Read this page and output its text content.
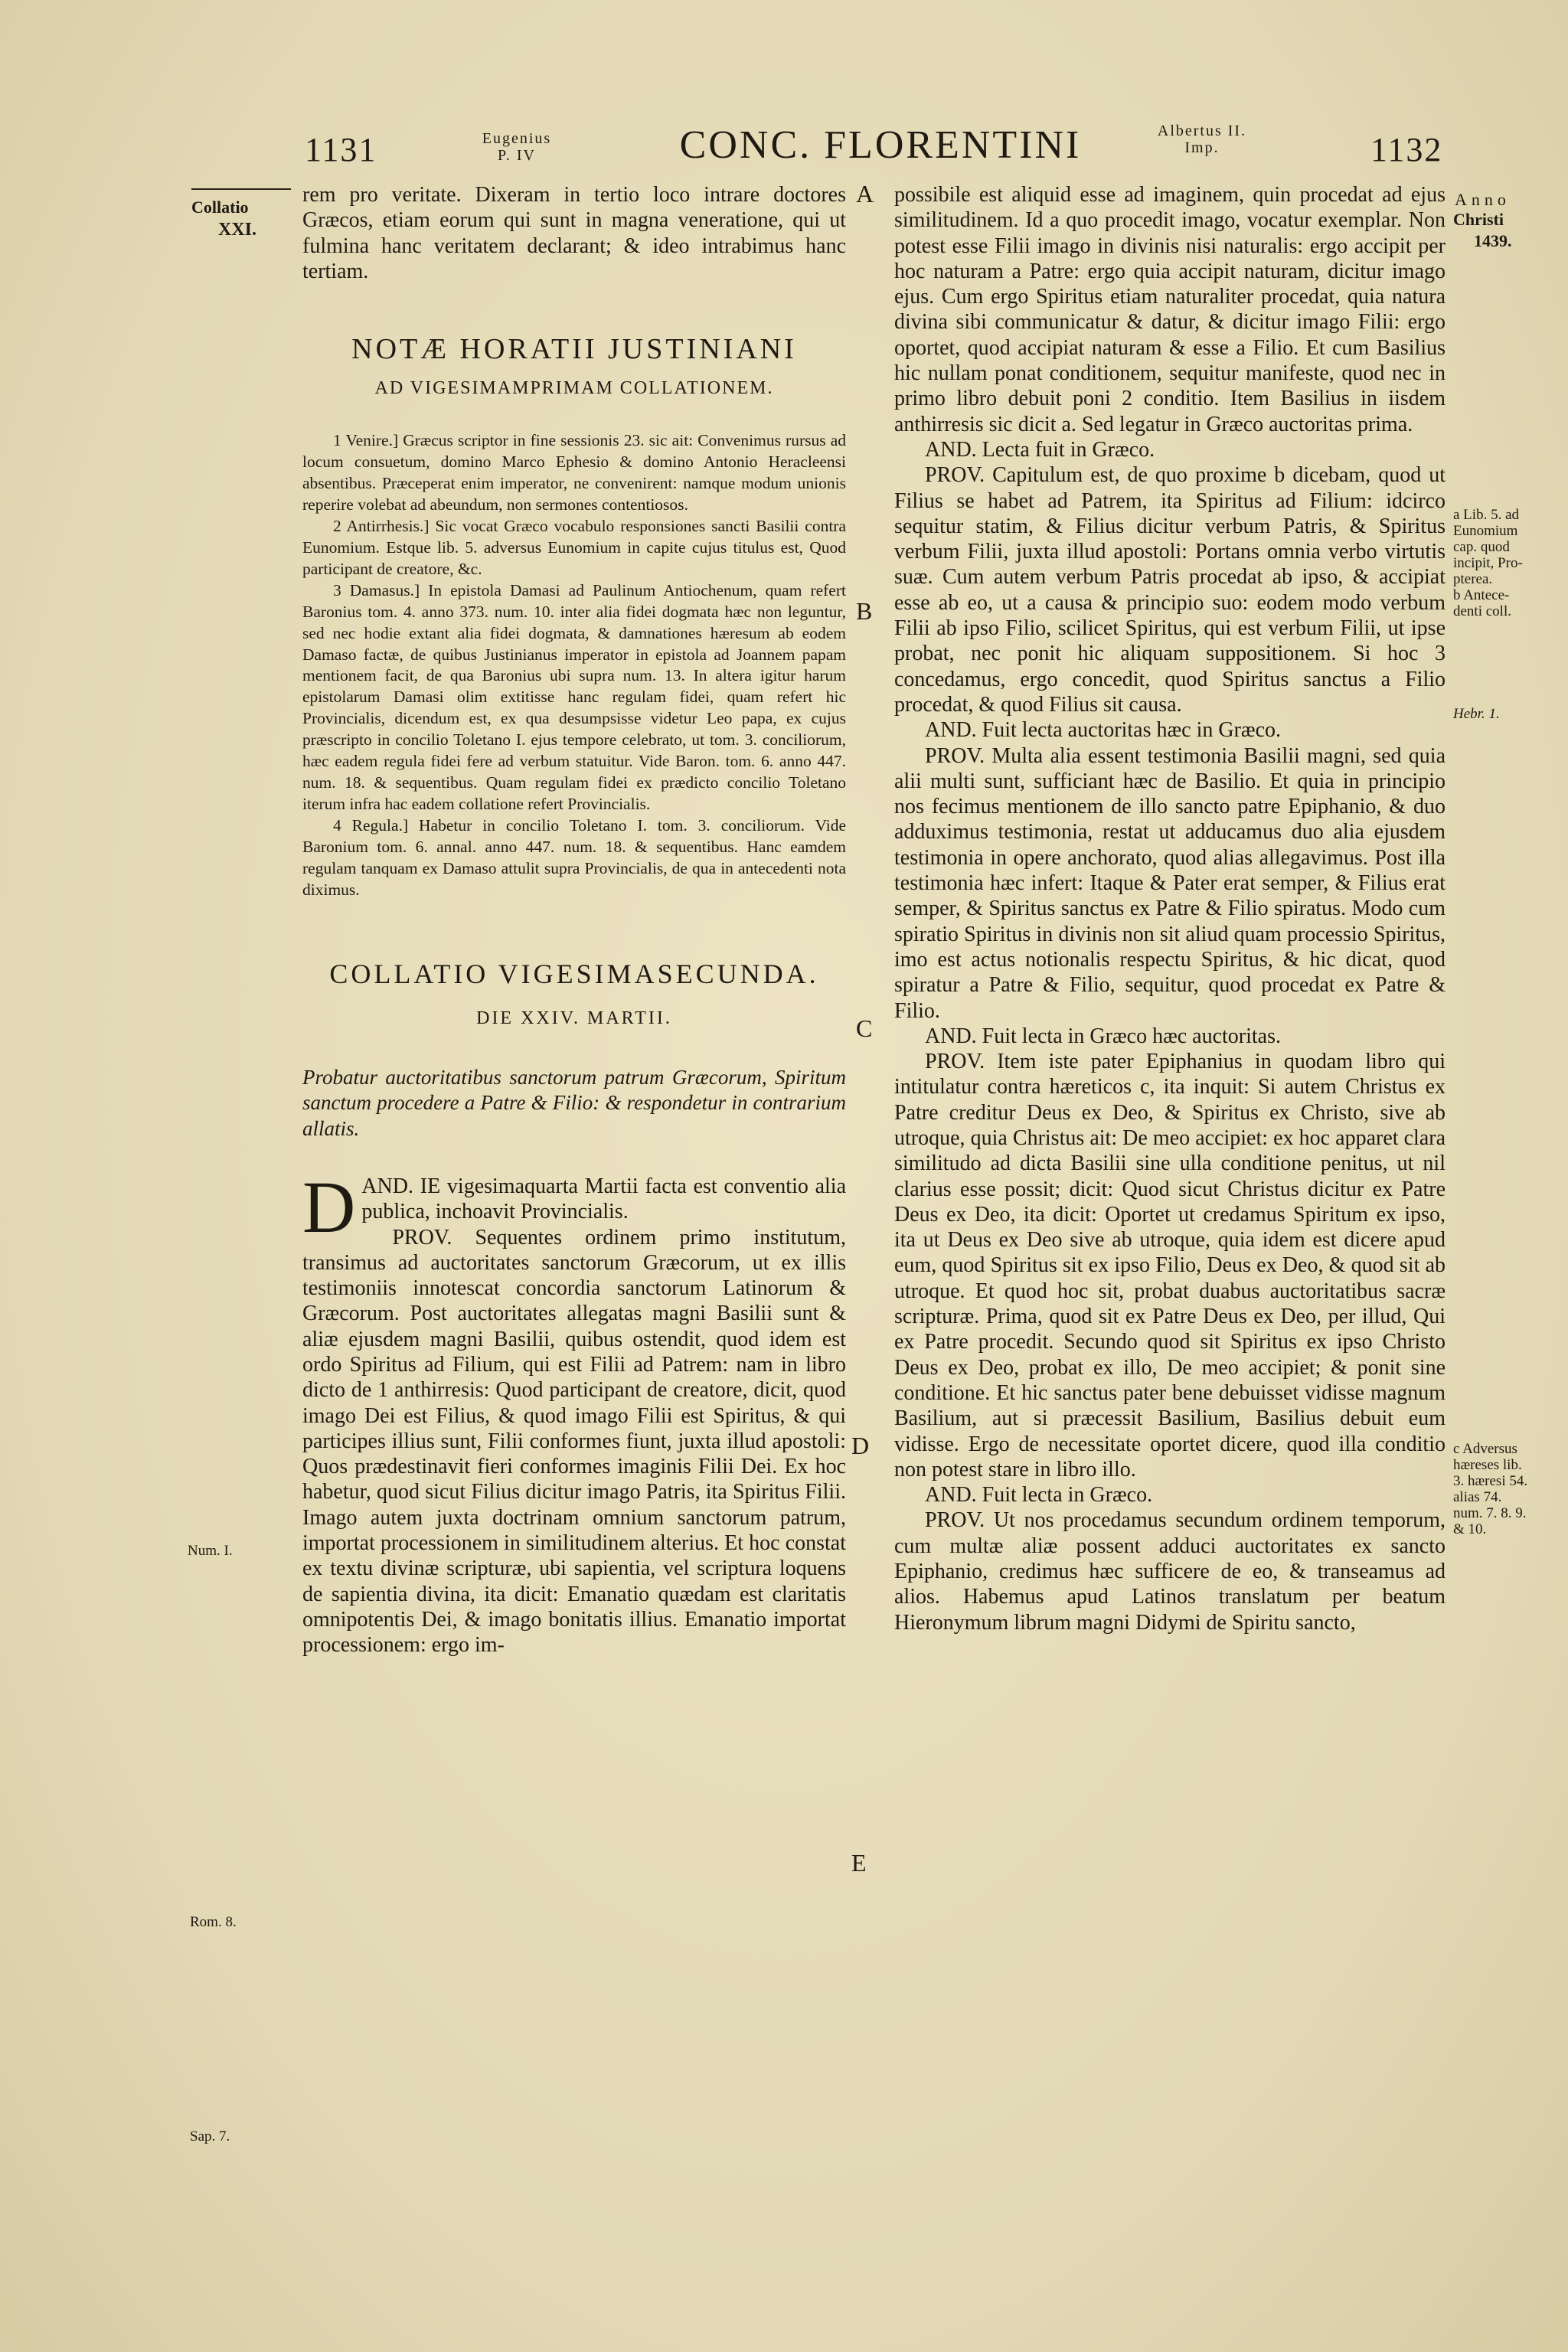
1131	Eugenius
P. IV	CONC. FLORENTINI	Albertus II.
Imp.	1132
Collatio
XXI.
Num. I.
Rom. 8.
Sap. 7.
A
B
C
D
E

rem pro veritate. Dixeram in tertio loco intrare doctores Græcos, etiam eorum qui sunt in magna veneratione, qui ut fulmina hanc veritatem declarant; & ideo intrabimus hanc tertiam.

NOTÆ HORATII JUSTINIANI
AD VIGESIMAMPRIMAM COLLATIONEM.

1 Venire.] Græcus scriptor in fine sessionis 23. sic ait: Convenimus rursus ad locum consuetum, domino Marco Ephesio & domino Antonio Heracleensi absentibus. Præceperat enim imperator, ne convenirent: namque modum unionis reperire volebat ad abeundum, non sermones contentiosos.

2 Antirrhesis.] Sic vocat Græco vocabulo responsiones sancti Basilii contra Eunomium. Estque lib. 5. adversus Eunomium in capite cujus titulus est, Quod participant de creatore, &c.

3 Damasus.] In epistola Damasi ad Paulinum Antiochenum, quam refert Baronius tom. 4. anno 373. num. 10. inter alia fidei dogmata hæc non leguntur, sed nec hodie extant alia fidei dogmata, & damnationes hæresum ab eodem Damaso factæ, de quibus Justinianus imperator in epistola ad Joannem papam mentionem facit, de qua Baronius ubi supra num. 13. In altera igitur harum epistolarum Damasi olim extitisse hanc regulam fidei, quam refert hic Provincialis, dicendum est, ex qua desumpsisse videtur Leo papa, ex cujus præscripto in concilio Toletano I. ejus tempore celebrato, ut tom. 3. conciliorum, hæc eadem regula fidei fere ad verbum statuitur. Vide Baron. tom. 6. anno 447. num. 18. & sequentibus. Quam regulam fidei ex prædicto concilio Toletano iterum infra hac eadem collatione refert Provincialis.

4 Regula.] Habetur in concilio Toletano I. tom. 3. conciliorum. Vide Baronium tom. 6. annal. anno 447. num. 18. & sequentibus. Hanc eamdem regulam tanquam ex Damaso attulit supra Provincialis, de qua in antecedenti nota diximus.

COLLATIO VIGESIMASECUNDA.
DIE XXIV. MARTII.

Probatur auctoritatibus sanctorum patrum Græcorum, Spiritum sanctum procedere a Patre & Filio: & respondetur in contrarium allatis.

AND.
D	IE vigesimaquarta Martii facta est conventio alia publica, inchoavit Provincialis.

PROV. Sequentes ordinem primo institutum, transimus ad auctoritates sanctorum Græcorum, ut ex illis testimoniis innotescat concordia sanctorum Latinorum & Græcorum. Post auctoritates allegatas magni Basilii sunt & aliæ ejusdem magni Basilii, quibus ostendit, quod idem est ordo Spiritus ad Filium, qui est Filii ad Patrem: nam in libro dicto de 1 anthirresis: Quod participant de creatore, dicit, quod imago Dei est Filius, & quod imago Filii est Spiritus, & qui participes illius sunt, Filii conformes fiunt, juxta illud apostoli: Quos prædestinavit fieri conformes imaginis Filii Dei. Ex hoc habetur, quod sicut Filius dicitur imago Patris, ita Spiritus Filii. Imago autem juxta doctrinam omnium sanctorum patrum, importat processionem in similitudinem alterius. Et hoc constat ex textu divinæ scripturæ, ubi sapientia, vel scriptura loquens de sapientia divina, ita dicit: Emanatio quædam est claritatis omnipotentis Dei, & imago bonitatis illius. Emanatio importat processionem: ergo im-

possibile est aliquid esse ad imaginem, quin procedat ad ejus similitudinem. Id a quo procedit imago, vocatur exemplar. Non potest esse Filii imago in divinis nisi naturalis: ergo accipit per hoc naturam a Patre: ergo quia accipit naturam, dicitur imago ejus. Cum ergo Spiritus etiam naturaliter procedat, quia natura divina sibi communicatur & datur, & dicitur imago Filii: ergo oportet, quod accipiat naturam & esse a Filio. Et cum Basilius hic nullam ponat conditionem, sequitur manifeste, quod nec in primo libro debuit poni 2 conditio. Item Basilius in iisdem anthirresis sic dicit a. Sed legatur in Græco auctoritas prima.

AND. Lecta fuit in Græco.

PROV. Capitulum est, de quo proxime b dicebam, quod ut Filius se habet ad Patrem, ita Spiritus ad Filium: idcirco sequitur statim, & Filius dicitur verbum Patris, & Spiritus verbum Filii, juxta illud apostoli: Portans omnia verbo virtutis suæ. Cum autem verbum Patris procedat ab ipso, & accipiat esse ab eo, ut a causa & principio suo: eodem modo verbum Filii ab ipso Filio, scilicet Spiritus, qui est verbum Filii, ut ipse probat, nec ponit hic aliquam suppositionem. Si hoc 3 concedamus, ergo concedit, quod Spiritus sanctus a Filio procedat, & quod Filius sit causa.

AND. Fuit lecta auctoritas hæc in Græco.

PROV. Multa alia essent testimonia Basilii magni, sed quia alii multi sunt, sufficiant hæc de Basilio. Et quia in principio nos fecimus mentionem de illo sancto patre Epiphanio, & duo adduximus testimonia, restat ut adducamus duo alia ejusdem testimonia in opere anchorato, quod alias allegavimus. Post illa testimonia hæc infert: Itaque & Pater erat semper, & Filius erat semper, & Spiritus sanctus ex Patre & Filio spiratus. Modo cum spiratio Spiritus in divinis non sit aliud quam processio Spiritus, imo est actus notionalis respectu Spiritus, & hic dicat, quod spiratur a Patre & Filio, sequitur, quod procedat ex Patre & Filio.

AND. Fuit lecta in Græco hæc auctoritas.

PROV. Item iste pater Epiphanius in quodam libro qui intitulatur contra hæreticos c, ita inquit: Si autem Christus ex Patre creditur Deus ex Deo, & Spiritus ex Christo, sive ab utroque, quia Christus ait: De meo accipiet: ex hoc apparet clara similitudo ad dicta Basilii sine ulla conditione penitus, ut nil clarius esse possit; dicit: Quod sicut Christus dicitur ex Patre Deus ex Deo, ita dicit: Oportet ut credamus Spiritum ex ipso, ita ut Deus ex Deo sive ab utroque, quia idem est dicere apud eum, quod Spiritus sit ex ipso Filio, Deus ex Deo, & quod sit ab utroque. Et quod hoc sit, probat duabus auctoritatibus sacræ scripturæ. Prima, quod sit ex Patre Deus ex Deo, per illud, Qui ex Patre procedit. Secundo quod sit Spiritus ex ipso Christo Deus ex Deo, probat ex illo, De meo accipiet; & ponit sine conditione. Et hic sanctus pater bene debuisset vidisse magnum Basilium, aut si præcessit Basilium, Basilius debuit eum vidisse. Ergo de necessitate oportet dicere, quod illa conditio non potest stare in libro illo.

AND. Fuit lecta in Græco.

PROV. Ut nos procedamus secundum ordinem temporum, cum multæ aliæ possent adduci auctoritates ex sancto Epiphanio, credimus hæc sufficere de eo, & transeamus ad alios. Habemus apud Latinos translatum per beatum Hieronymum librum magni Didymi de Spiritu sancto,

Anno
Christi
1439.
a Lib. 5. ad
Eunomium
cap. quod
incipit, Pro-
pterea.
b Antece-
denti coll.
Hebr. 1.
c Adversus
hæreses lib.
3. hæresi 54.
alias 74.
num. 7. 8. 9.
& 10.
